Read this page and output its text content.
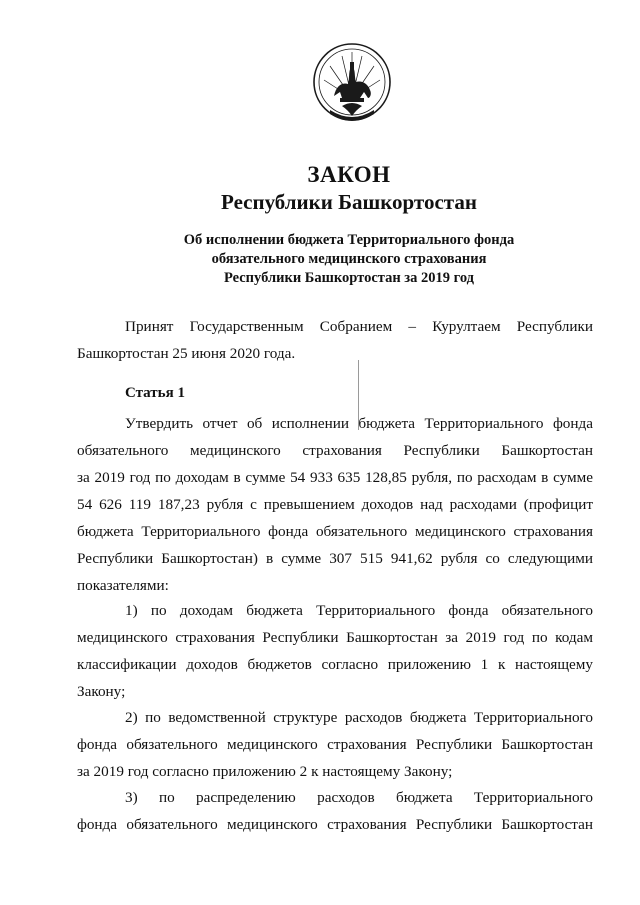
ЗАКОН
Республики Башкортостан
Об исполнении бюджета Территориального фонда
обязательного медицинского страхования
Республики Башкортостан за 2019 год
Принят Государственным Собранием – Курултаем Республики
Башкортостан 25 июня 2020 года.
Статья 1
Утвердить отчет об исполнении бюджета Территориального фонда
обязательного медицинского страхования Республики Башкортостан
за 2019 год по доходам в сумме 54 933 635 128,85 рубля, по расходам в сумме
54 626 119 187,23 рубля с превышением доходов над расходами (профицит
бюджета Территориального фонда обязательного медицинского страхования
Республики Башкортостан) в сумме 307 515 941,62 рубля со следующими
показателями:
1) по доходам бюджета Территориального фонда обязательного
медицинского страхования Республики Башкортостан за 2019 год по кодам
классификации доходов бюджетов согласно приложению 1 к настоящему
Закону;
2) по ведомственной структуре расходов бюджета Территориального
фонда обязательного медицинского страхования Республики Башкортостан
за 2019 год согласно приложению 2 к настоящему Закону;
3) по распределению расходов бюджета Территориального
фонда обязательного медицинского страхования Республики Башкортостан
